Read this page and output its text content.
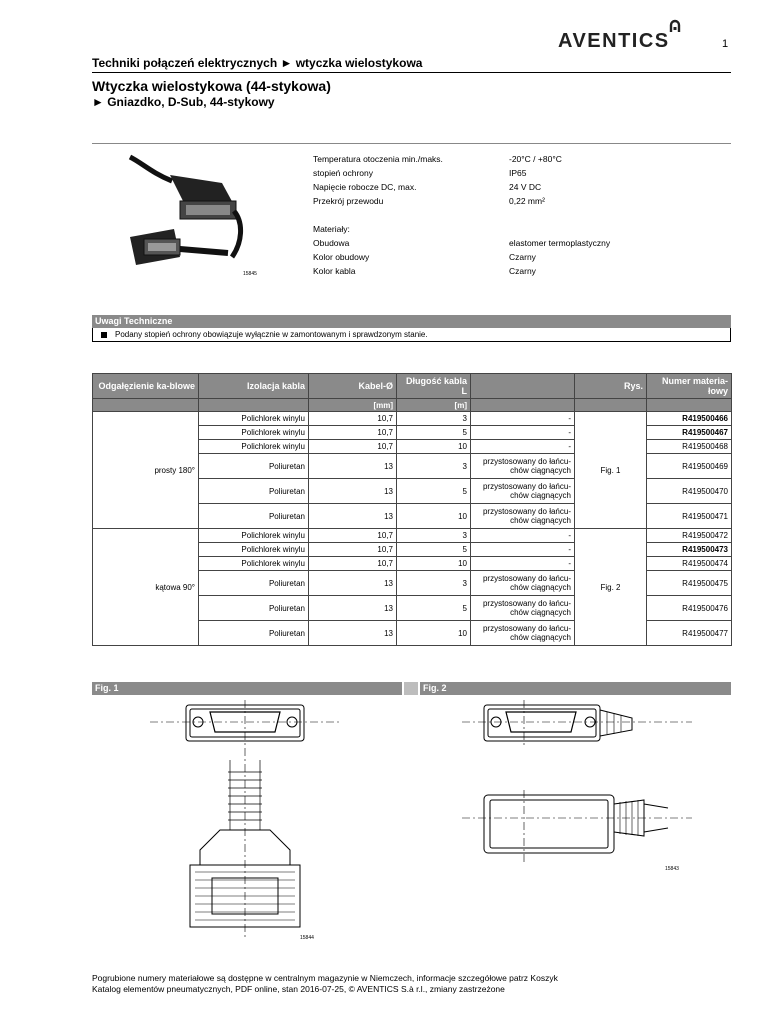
AVENTICS	1
Techniki połączeń elektrycznych ► wtyczka wielostykowa
Wtyczka wielostykowa (44-stykowa)
► Gniazdko, D-Sub, 44-stykowy
15845
Temperatura otoczenia min./maks.	-20°C / +80°C
stopień ochrony	IP65
Napięcie robocze DC, max.	24 V DC
Przekrój przewodu	0,22 mm²
Materiały:
Obudowa	elastomer termoplastyczny
Kolor obudowy	Czarny
Kolor kabla	Czarny
Uwagi Techniczne
Podany stopień ochrony obowiązuje wyłącznie w zamontowanym i sprawdzonym stanie.
Odgałęzienie ka-blowe	Izolacja kabla	Kabel-Ø	Długość kabla L		Rys.	Numer materia-łowy
		[mm]	[m]			
prosty 180°	Polichlorek winylu	10,7	3	-	Fig. 1	R419500466
	Polichlorek winylu	10,7	5	-		R419500467
	Polichlorek winylu	10,7	10	-		R419500468
	Poliuretan	13	3	przystosowany do łańcu-chów ciągnących		R419500469
	Poliuretan	13	5	przystosowany do łańcu-chów ciągnących		R419500470
	Poliuretan	13	10	przystosowany do łańcu-chów ciągnących		R419500471
kątowa 90°	Polichlorek winylu	10,7	3	-	Fig. 2	R419500472
	Polichlorek winylu	10,7	5	-		R419500473
	Polichlorek winylu	10,7	10	-		R419500474
	Poliuretan	13	3	przystosowany do łańcu-chów ciągnących		R419500475
	Poliuretan	13	5	przystosowany do łańcu-chów ciągnących		R419500476
	Poliuretan	13	10	przystosowany do łańcu-chów ciągnących		R419500477
Fig. 1	Fig. 2
15844
15843
Pogrubione numery materiałowe są dostępne w centralnym magazynie w Niemczech, informacje szczegółowe patrz Koszyk
Katalog elementów pneumatycznych, PDF online, stan 2016-07-25, © AVENTICS S.à r.l., zmiany zastrzeżone
